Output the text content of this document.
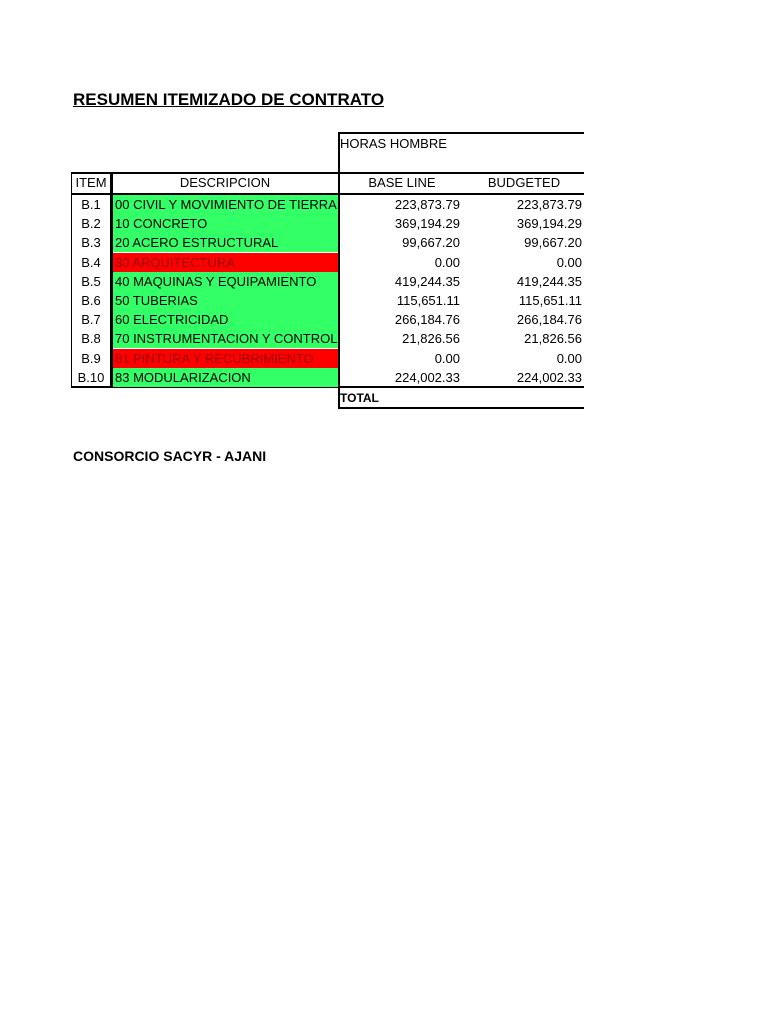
RESUMEN ITEMIZADO DE CONTRATO
HORAS HOMBRE
ITEM	DESCRIPCION	BASE LINE	BUDGETED
TOTAL
B.1	00 CIVIL Y MOVIMIENTO DE TIERRA	223,873.79	223,873.79
B.2	10 CONCRETO	369,194.29	369,194.29
B.3	20 ACERO ESTRUCTURAL	99,667.20	99,667.20
B.4	30 ARQUITECTURA	0.00	0.00
B.5	40 MAQUINAS Y EQUIPAMIENTO	419,244.35	419,244.35
B.6	50 TUBERIAS	115,651.11	115,651.11
B.7	60 ELECTRICIDAD	266,184.76	266,184.76
B.8	70 INSTRUMENTACION Y CONTROL	21,826.56	21,826.56
B.9	81 PINTURA Y RECUBRIMIENTO	0.00	0.00
B.10 83 MODULARIZACION	224,002.33	224,002.33
CONSORCIO SACYR - AJANI
